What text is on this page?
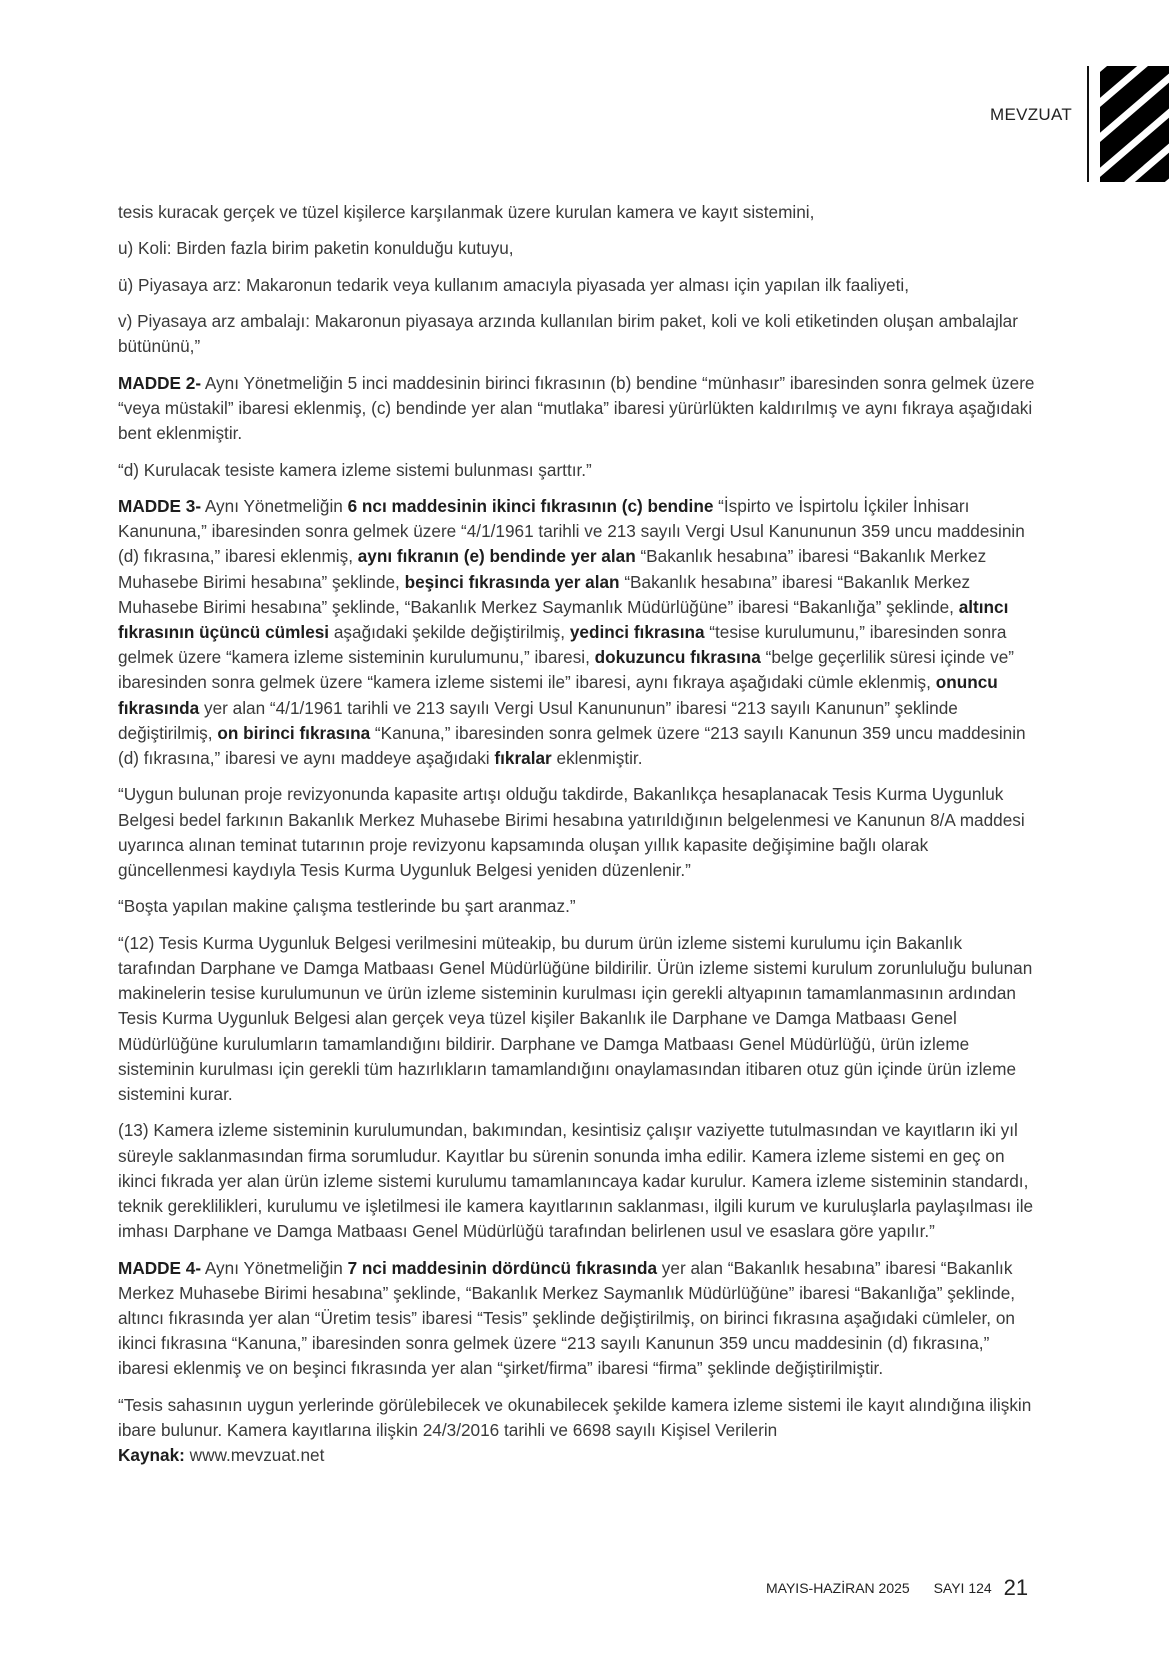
MEVZUAT

tesis kuracak gerçek ve tüzel kişilerce karşılanmak üzere kurulan kamera ve kayıt sistemini,

u) Koli: Birden fazla birim paketin konulduğu kutuyu,

ü) Piyasaya arz: Makaronun tedarik veya kullanım amacıyla piyasada yer alması için yapılan ilk faaliyeti,

v) Piyasaya arz ambalajı: Makaronun piyasaya arzında kullanılan birim paket, koli ve koli etiketinden oluşan ambalajlar bütününü,”

MADDE 2- Aynı Yönetmeliğin 5 inci maddesinin birinci fıkrasının (b) bendine “münhasır” ibaresinden sonra gelmek üzere “veya müstakil” ibaresi eklenmiş, (c) bendinde yer alan “mutlaka” ibaresi yürürlükten kaldırılmış ve aynı fıkraya aşağıdaki bent eklenmiştir.

“d) Kurulacak tesiste kamera izleme sistemi bulunması şarttır.”

MADDE 3- Aynı Yönetmeliğin 6 ncı maddesinin ikinci fıkrasının (c) bendine “İspirto ve İspirtolu İçkiler İnhisarı Kanununa,” ibaresinden sonra gelmek üzere “4/1/1961 tarihli ve 213 sayılı Vergi Usul Kanununun 359 uncu maddesinin (d) fıkrasına,” ibaresi eklenmiş, aynı fıkranın (e) bendinde yer alan “Bakanlık hesabına” ibaresi “Bakanlık Merkez Muhasebe Birimi hesabına” şeklinde, beşinci fıkrasında yer alan “Bakanlık hesabına” ibaresi “Bakanlık Merkez Muhasebe Birimi hesabına” şeklinde, “Bakanlık Merkez Saymanlık Müdürlüğüne” ibaresi “Bakanlığa” şeklinde, altıncı fıkrasının üçüncü cümlesi aşağıdaki şekilde değiştirilmiş, yedinci fıkrasına “tesise kurulumunu,” ibaresinden sonra gelmek üzere “kamera izleme sisteminin kurulumunu,” ibaresi, dokuzuncu fıkrasına “belge geçerlilik süresi içinde ve” ibaresinden sonra gelmek üzere “kamera izleme sistemi ile” ibaresi, aynı fıkraya aşağıdaki cümle eklenmiş, onuncu fıkrasında yer alan “4/1/1961 tarihli ve 213 sayılı Vergi Usul Kanununun” ibaresi “213 sayılı Kanunun” şeklinde değiştirilmiş, on birinci fıkrasına “Kanuna,” ibaresinden sonra gelmek üzere “213 sayılı Kanunun 359 uncu maddesinin (d) fıkrasına,” ibaresi ve aynı maddeye aşağıdaki fıkralar eklenmiştir.

“Uygun bulunan proje revizyonunda kapasite artışı olduğu takdirde, Bakanlıkça hesaplanacak Tesis Kurma Uygunluk Belgesi bedel farkının Bakanlık Merkez Muhasebe Birimi hesabına yatırıldığının belgelenmesi ve Kanunun 8/A maddesi uyarınca alınan teminat tutarının proje revizyonu kapsamında oluşan yıllık kapasite değişimine bağlı olarak güncellenmesi kaydıyla Tesis Kurma Uygunluk Belgesi yeniden düzenlenir.”

“Boşta yapılan makine çalışma testlerinde bu şart aranmaz.”

“(12) Tesis Kurma Uygunluk Belgesi verilmesini müteakip, bu durum ürün izleme sistemi kurulumu için Bakanlık tarafından Darphane ve Damga Matbaası Genel Müdürlüğüne bildirilir. Ürün izleme sistemi kurulum zorunluluğu bulunan makinelerin tesise kurulumunun ve ürün izleme sisteminin kurulması için gerekli altyapının tamamlanmasının ardından Tesis Kurma Uygunluk Belgesi alan gerçek veya tüzel kişiler Bakanlık ile Darphane ve Damga Matbaası Genel Müdürlüğüne kurulumların tamamlandığını bildirir. Darphane ve Damga Matbaası Genel Müdürlüğü, ürün izleme sisteminin kurulması için gerekli tüm hazırlıkların tamamlandığını onaylamasından itibaren otuz gün içinde ürün izleme sistemini kurar.

(13) Kamera izleme sisteminin kurulumundan, bakımından, kesintisiz çalışır vaziyette tutulmasından ve kayıtların iki yıl süreyle saklanmasından firma sorumludur. Kayıtlar bu sürenin sonunda imha edilir. Kamera izleme sistemi en geç on ikinci fıkrada yer alan ürün izleme sistemi kurulumu tamamlanıncaya kadar kurulur. Kamera izleme sisteminin standardı, teknik gereklilikleri, kurulumu ve işletilmesi ile kamera kayıtlarının saklanması, ilgili kurum ve kuruluşlarla paylaşılması ile imhası Darphane ve Damga Matbaası Genel Müdürlüğü tarafından belirlenen usul ve esaslara göre yapılır.”

MADDE 4- Aynı Yönetmeliğin 7 nci maddesinin dördüncü fıkrasında yer alan “Bakanlık hesabına” ibaresi “Bakanlık Merkez Muhasebe Birimi hesabına” şeklinde, “Bakanlık Merkez Saymanlık Müdürlüğüne” ibaresi “Bakanlığa” şeklinde, altıncı fıkrasında yer alan “Üretim tesis” ibaresi “Tesis” şeklinde değiştirilmiş, on birinci fıkrasına aşağıdaki cümleler, on ikinci fıkrasına “Kanuna,” ibaresinden sonra gelmek üzere “213 sayılı Kanunun 359 uncu maddesinin (d) fıkrasına,” ibaresi eklenmiş ve on beşinci fıkrasında yer alan “şirket/firma” ibaresi “firma” şeklinde değiştirilmiştir.

“Tesis sahasının uygun yerlerinde görülebilecek ve okunabilecek şekilde kamera izleme sistemi ile kayıt alındığına ilişkin ibare bulunur. Kamera kayıtlarına ilişkin 24/3/2016 tarihli ve 6698 sayılı Kişisel Verilerin

Kaynak: www.mevzuat.net

MAYIS-HAZİRAN 2025 SAYI 124 21
